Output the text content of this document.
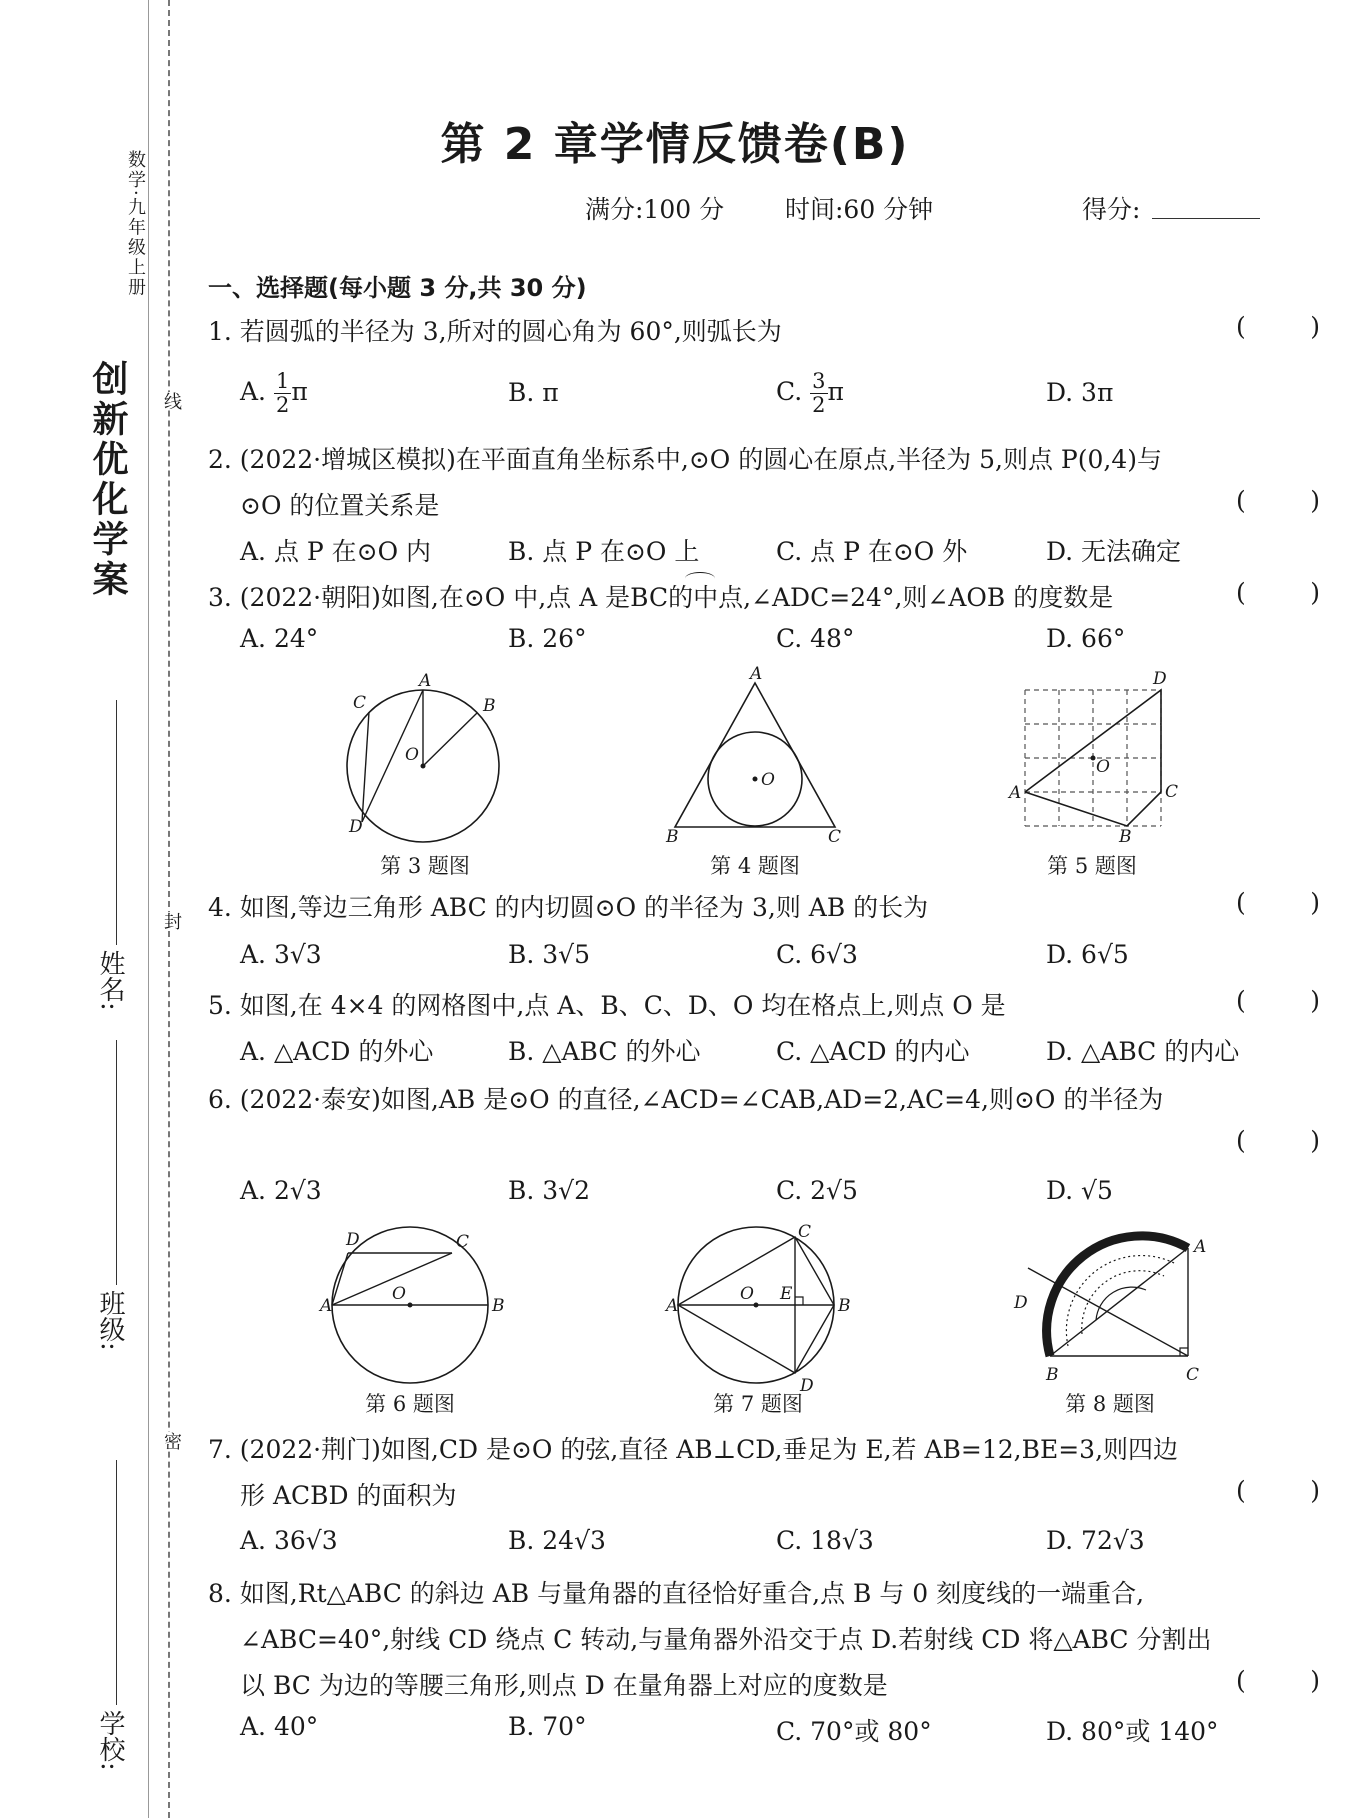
创新优化学案
数学·九年级上册
线
封
密
姓名:
班级:
学校:
第 2 章学情反馈卷(B)
满分:100 分 时间:60 分钟	得分:
一、选择题(每小题 3 分,共 30 分)
1. 若圆弧的半径为 3,所对的圆心角为 60°,则弧长为	(	)
A. $\frac{1}{2}$ π	B. π	C. $\frac{3}{2}$ π	D. 3π
2. (2022·增城区模拟)在平面直角坐标系中,⊙O 的圆心在原点,半径为 5,则点 P(0,4)与
⊙O 的位置关系是	(	)
A. 点 P 在⊙O 内	B. 点 P 在⊙O 上	C. 点 P 在⊙O 外	D. 无法确定
3. (2022·朝阳)如图,在⊙O 中,点 A 是BC的中点,∠ADC=24°,则∠AOB 的度数是	(	)
A. 24°	B. 26°	C. 48°	D. 66°
A
B
C
D
O
第 3 题图
A
B	C
O
第 4 题图
D
A	C
B
O
第 5 题图
4. 如图,等边三角形 ABC 的内切圆⊙O 的半径为 3,则 AB 的长为	(	)
A. 3√3	B. 3√5	C. 6√3	D. 6√5
5. 如图,在 4×4 的网格图中,点 A、B、C、D、O 均在格点上,则点 O 是	(	)
A. △ACD 的外心	B. △ABC 的外心	C. △ACD 的内心	D. △ABC 的内心
6. (2022·泰安)如图,AB 是⊙O 的直径,∠ACD=∠CAB,AD=2,AC=4,则⊙O 的半径为
(	)
A. 2√3	B. 3√2	C. 2√5	D. √5
D	C
A	B
O
第 6 题图
C
A	B
D
O E
第 7 题图
A
D
B	C
第 8 题图
7. (2022·荆门)如图,CD 是⊙O 的弦,直径 AB⊥CD,垂足为 E,若 AB=12,BE=3,则四边
形 ACBD 的面积为	(	)
A. 36√3	B. 24√3	C. 18√3	D. 72√3
8. 如图,Rt△ABC 的斜边 AB 与量角器的直径恰好重合,点 B 与 0 刻度线的一端重合,
∠ABC=40°,射线 CD 绕点 C 转动,与量角器外沿交于点 D.若射线 CD 将△ABC 分割出
以 BC 为边的等腰三角形,则点 D 在量角器上对应的度数是	(	)
A. 40°	B. 70°	C. 70°或 80°	D. 80°或 140°
